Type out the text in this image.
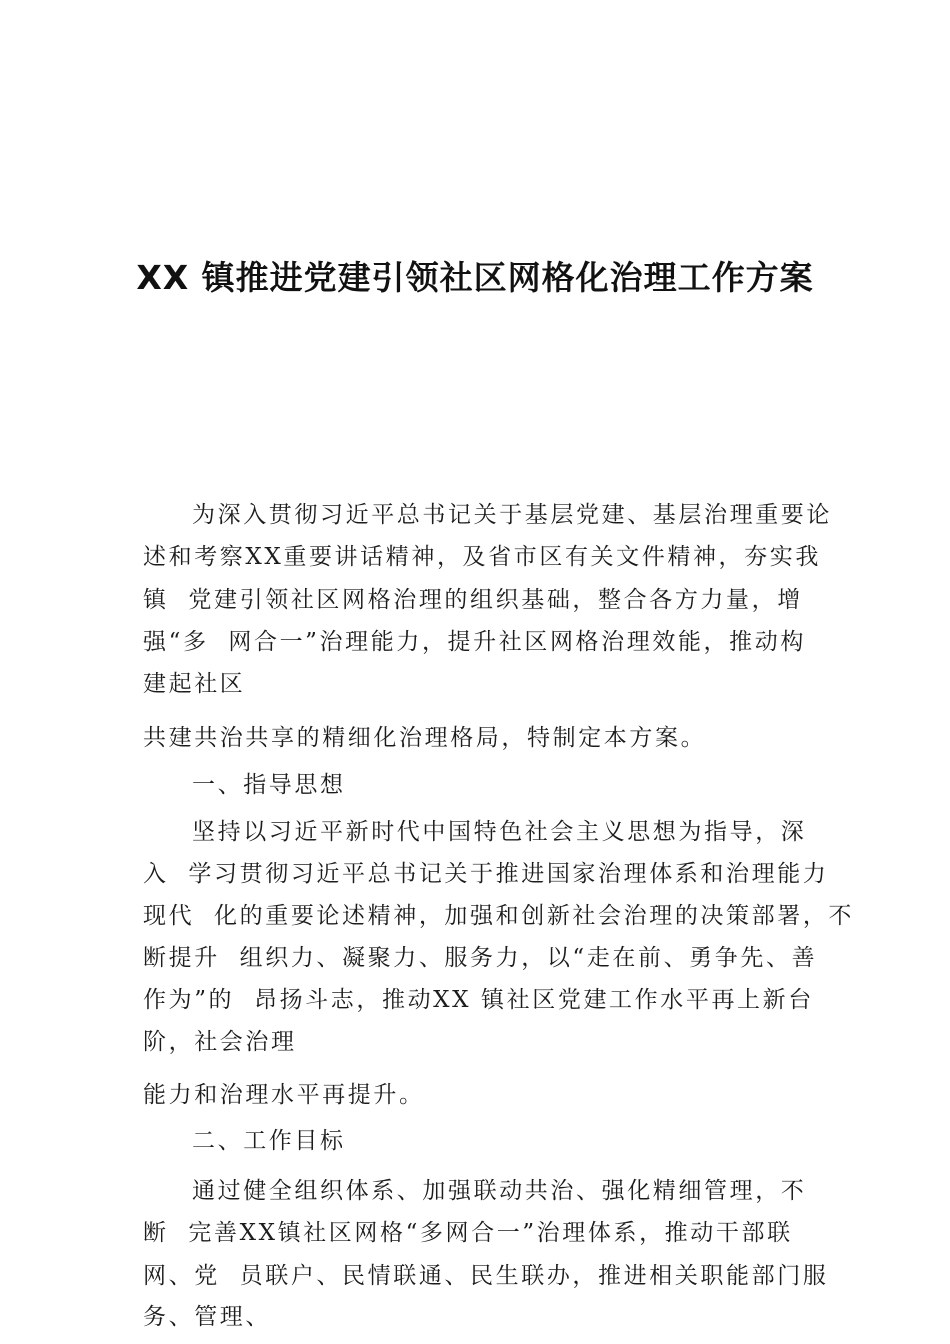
XX 镇推进党建引领社区网格化治理工作方案
为深入贯彻习近平总书记关于基层党建、基层治理重要论
述和考察XX重要讲话精神，及省市区有关文件精神，夯实我
镇  党建引领社区网格治理的组织基础，整合各方力量，增
强“多  网合一”治理能力，提升社区网格治理效能，推动构
建起社区
共建共治共享的精细化治理格局，特制定本方案。
一、指导思想
坚持以习近平新时代中国特色社会主义思想为指导，深
入  学习贯彻习近平总书记关于推进国家治理体系和治理能力
现代  化的重要论述精神，加强和创新社会治理的决策部署，不
断提升  组织力、凝聚力、服务力，以“走在前、勇争先、善
作为”的  昂扬斗志，推动XX 镇社区党建工作水平再上新台
阶，社会治理
能力和治理水平再提升。
二、工作目标
通过健全组织体系、加强联动共治、强化精细管理，不
断  完善XX镇社区网格“多网合一”治理体系，推动干部联
网、党  员联户、民情联通、民生联办，推进相关职能部门服
务、管理、
